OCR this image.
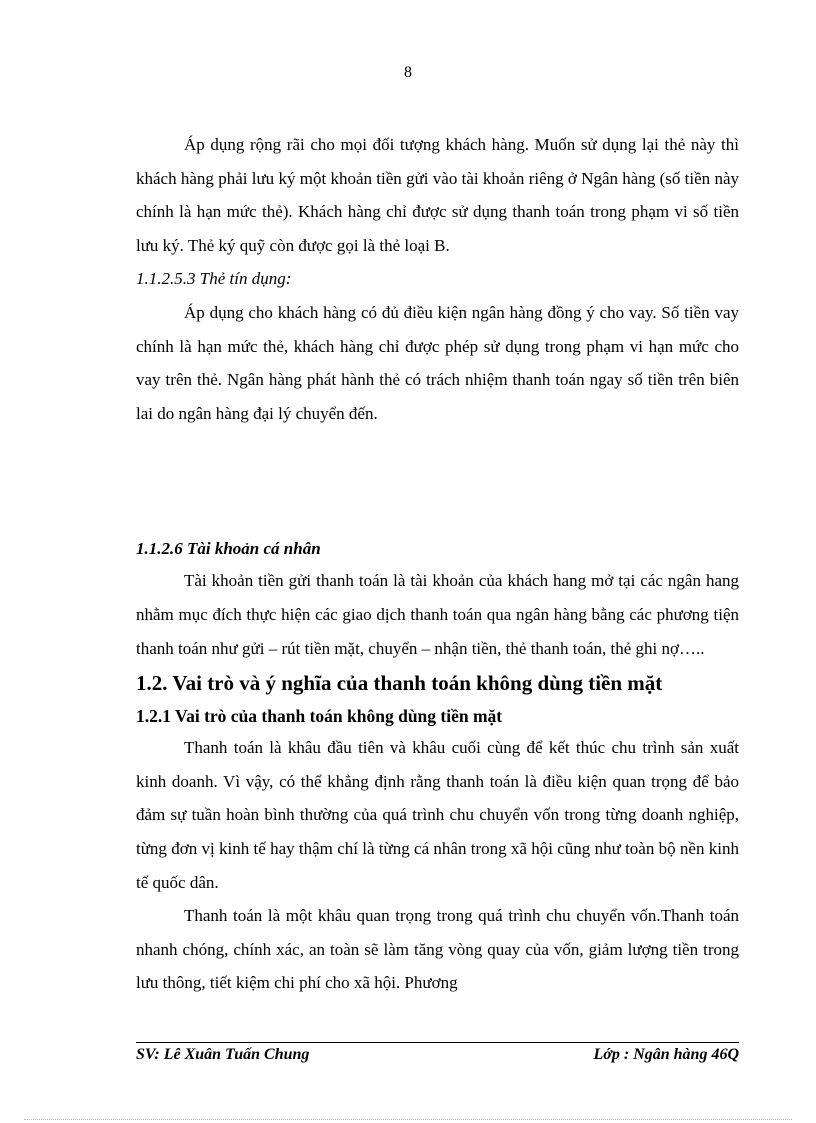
8

Áp dụng rộng rãi cho mọi đối tượng khách hàng. Muốn sử dụng lại thẻ này thì khách hàng phải lưu ký một khoản tiền gửi vào tài khoản riêng ở Ngân hàng (số tiền này chính là hạn mức thẻ). Khách hàng chỉ được sử dụng thanh toán trong phạm vi số tiền lưu ký. Thẻ ký quỹ còn được gọi là thẻ loại B.

1.1.2.5.3 Thẻ tín dụng:

Áp dụng cho khách hàng có đủ điều kiện ngân hàng đồng ý cho vay. Số tiền vay chính là hạn mức thẻ, khách hàng chỉ được phép sử dụng trong phạm vi hạn mức cho vay trên thẻ. Ngân hàng phát hành thẻ có trách nhiệm thanh toán ngay số tiền trên biên lai do ngân hàng đại lý chuyển đến.

1.1.2.6 Tài khoản cá nhân

Tài khoản tiền gửi thanh toán là tài khoản của khách hang mở tại các ngân hang nhằm mục đích thực hiện các giao dịch thanh toán qua ngân hàng bằng các phương tiện thanh toán như gửi – rút tiền mặt, chuyển – nhận tiền, thẻ thanh toán, thẻ ghi nợ…..

1.2. Vai trò và ý nghĩa của thanh toán không dùng tiền mặt

1.2.1 Vai trò của thanh toán không dùng tiền mặt

Thanh toán là khâu đầu tiên và khâu cuối cùng để kết thúc chu trình sản xuất kinh doanh. Vì vậy, có thể khẳng định rằng thanh toán là điều kiện quan trọng để bảo đảm sự tuần hoàn bình thường của quá trình chu chuyển vốn trong từng doanh nghiệp, từng đơn vị kinh tế hay thậm chí là từng cá nhân trong xã hội cũng như toàn bộ nền kinh tế quốc dân.

Thanh toán là một khâu quan trọng trong quá trình chu chuyển vốn.Thanh toán nhanh chóng, chính xác, an toàn sẽ làm tăng vòng quay của vốn, giảm lượng tiền trong lưu thông, tiết kiệm chi phí cho xã hội. Phương

SV: Lê Xuân Tuấn Chung	Lớp : Ngân hàng 46Q
